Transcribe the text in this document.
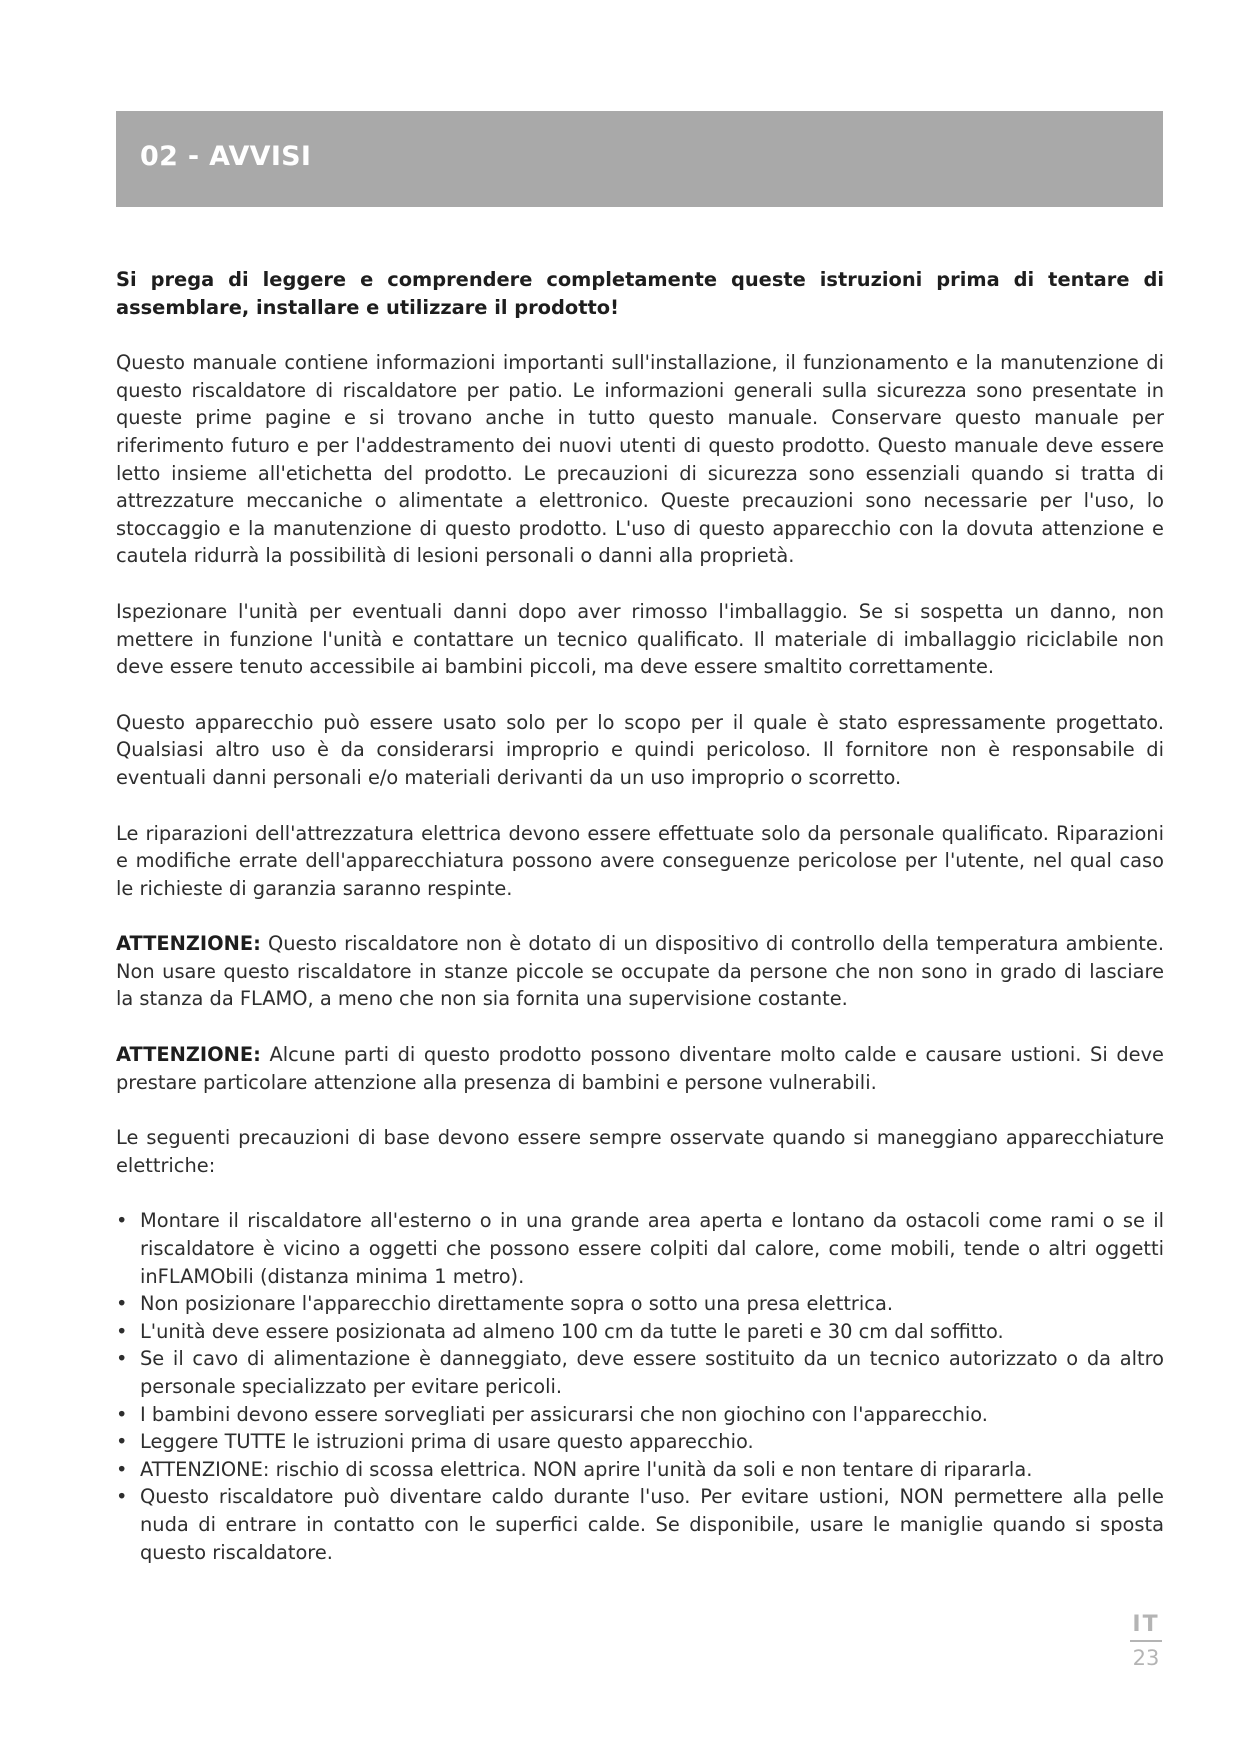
02 - AVVISI

Si prega di leggere e comprendere completamente queste istruzioni prima di tentare di assemblare, installare e utilizzare il prodotto!

Questo manuale contiene informazioni importanti sull'installazione, il funzionamento e la manutenzione di questo riscaldatore di riscaldatore per patio. Le informazioni generali sulla sicurezza sono presentate in queste prime pagine e si trovano anche in tutto questo manuale. Conservare questo manuale per riferimento futuro e per l'addestramento dei nuovi utenti di questo prodotto. Questo manuale deve essere letto insieme all'etichetta del prodotto. Le precauzioni di sicurezza sono essenziali quando si tratta di attrezzature meccaniche o alimentate a elettronico. Queste precauzioni sono necessarie per l'uso, lo stoccaggio e la manutenzione di questo prodotto. L'uso di questo apparecchio con la dovuta attenzione e cautela ridurrà la possibilità di lesioni personali o danni alla proprietà.

Ispezionare l'unità per eventuali danni dopo aver rimosso l'imballaggio. Se si sospetta un danno, non mettere in funzione l'unità e contattare un tecnico qualificato. Il materiale di imballaggio riciclabile non deve essere tenuto accessibile ai bambini piccoli, ma deve essere smaltito correttamente.

Questo apparecchio può essere usato solo per lo scopo per il quale è stato espressamente progettato. Qualsiasi altro uso è da considerarsi improprio e quindi pericoloso. Il fornitore non è responsabile di eventuali danni personali e/o materiali derivanti da un uso improprio o scorretto.

Le riparazioni dell'attrezzatura elettrica devono essere effettuate solo da personale qualificato. Riparazioni e modifiche errate dell'apparecchiatura possono avere conseguenze pericolose per l'utente, nel qual caso le richieste di garanzia saranno respinte.

ATTENZIONE: Questo riscaldatore non è dotato di un dispositivo di controllo della temperatura ambiente. Non usare questo riscaldatore in stanze piccole se occupate da persone che non sono in grado di lasciare la stanza da FLAMO, a meno che non sia fornita una supervisione costante.

ATTENZIONE: Alcune parti di questo prodotto possono diventare molto calde e causare ustioni. Si deve prestare particolare attenzione alla presenza di bambini e persone vulnerabili.

Le seguenti precauzioni di base devono essere sempre osservate quando si maneggiano apparecchiature elettriche:

• Montare il riscaldatore all'esterno o in una grande area aperta e lontano da ostacoli come rami o se il riscaldatore è vicino a oggetti che possono essere colpiti dal calore, come mobili, tende o altri oggetti inFLAMObili (distanza minima 1 metro).
• Non posizionare l'apparecchio direttamente sopra o sotto una presa elettrica.
• L'unità deve essere posizionata ad almeno 100 cm da tutte le pareti e 30 cm dal soffitto.
• Se il cavo di alimentazione è danneggiato, deve essere sostituito da un tecnico autorizzato o da altro personale specializzato per evitare pericoli.
• I bambini devono essere sorvegliati per assicurarsi che non giochino con l'apparecchio.
• Leggere TUTTE le istruzioni prima di usare questo apparecchio.
• ATTENZIONE: rischio di scossa elettrica. NON aprire l'unità da soli e non tentare di ripararla.
• Questo riscaldatore può diventare caldo durante l'uso. Per evitare ustioni, NON permettere alla pelle nuda di entrare in contatto con le superfici calde. Se disponibile, usare le maniglie quando si sposta questo riscaldatore.
IT
23
